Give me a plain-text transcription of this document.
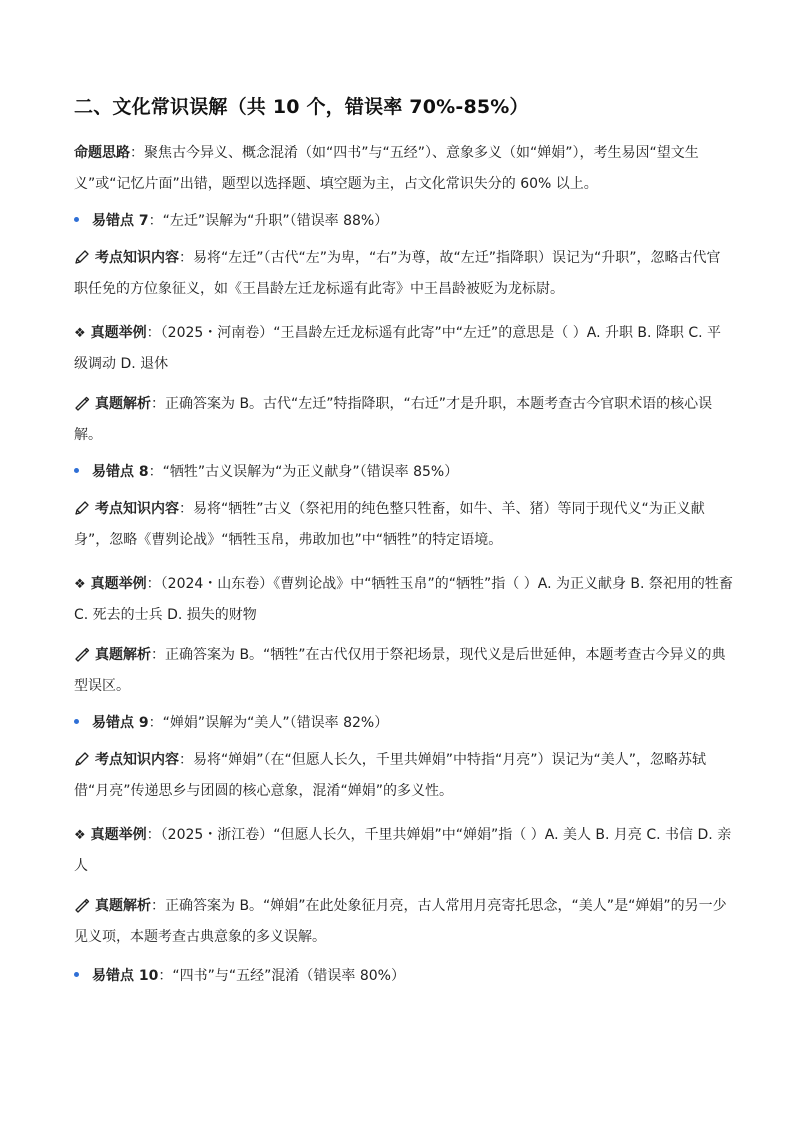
二、文化常识误解（共 10 个，错误率 70%-85%）

命题思路：聚焦古今异义、概念混淆（如“四书”与“五经”）、意象多义（如“婵娟”），考生易因“望文生义”或“记忆片面”出错，题型以选择题、填空题为主，占文化常识失分的 60% 以上。

易错点 7：“左迁”误解为“升职”（错误率 88%）

考点知识内容：易将“左迁”（古代“左”为卑，“右”为尊，故“左迁”指降职）误记为“升职”，忽略古代官职任免的方位象征义，如《王昌龄左迁龙标遥有此寄》中王昌龄被贬为龙标尉。

❖ 真题举例：（2025・河南卷）“王昌龄左迁龙标遥有此寄”中“左迁”的意思是（ ）A. 升职 B. 降职 C. 平级调动 D. 退休

真题解析：正确答案为 B。古代“左迁”特指降职，“右迁”才是升职，本题考查古今官职术语的核心误解。

易错点 8：“牺牲”古义误解为“为正义献身”（错误率 85%）

考点知识内容：易将“牺牲”古义（祭祀用的纯色整只牲畜，如牛、羊、猪）等同于现代义“为正义献身”，忽略《曹刿论战》“牺牲玉帛，弗敢加也”中“牺牲”的特定语境。

❖ 真题举例：（2024・山东卷）《曹刿论战》中“牺牲玉帛”的“牺牲”指（ ）A. 为正义献身 B. 祭祀用的牲畜 C. 死去的士兵 D. 损失的财物

真题解析：正确答案为 B。“牺牲”在古代仅用于祭祀场景，现代义是后世延伸，本题考查古今异义的典型误区。

易错点 9：“婵娟”误解为“美人”（错误率 82%）

考点知识内容：易将“婵娟”（在“但愿人长久，千里共婵娟”中特指“月亮”）误记为“美人”，忽略苏轼借“月亮”传递思乡与团圆的核心意象，混淆“婵娟”的多义性。

❖ 真题举例：（2025・浙江卷）“但愿人长久，千里共婵娟”中“婵娟”指（ ）A. 美人 B. 月亮 C. 书信 D. 亲人

真题解析：正确答案为 B。“婵娟”在此处象征月亮，古人常用月亮寄托思念，“美人”是“婵娟”的另一少见义项，本题考查古典意象的多义误解。

易错点 10：“四书”与“五经”混淆（错误率 80%）
